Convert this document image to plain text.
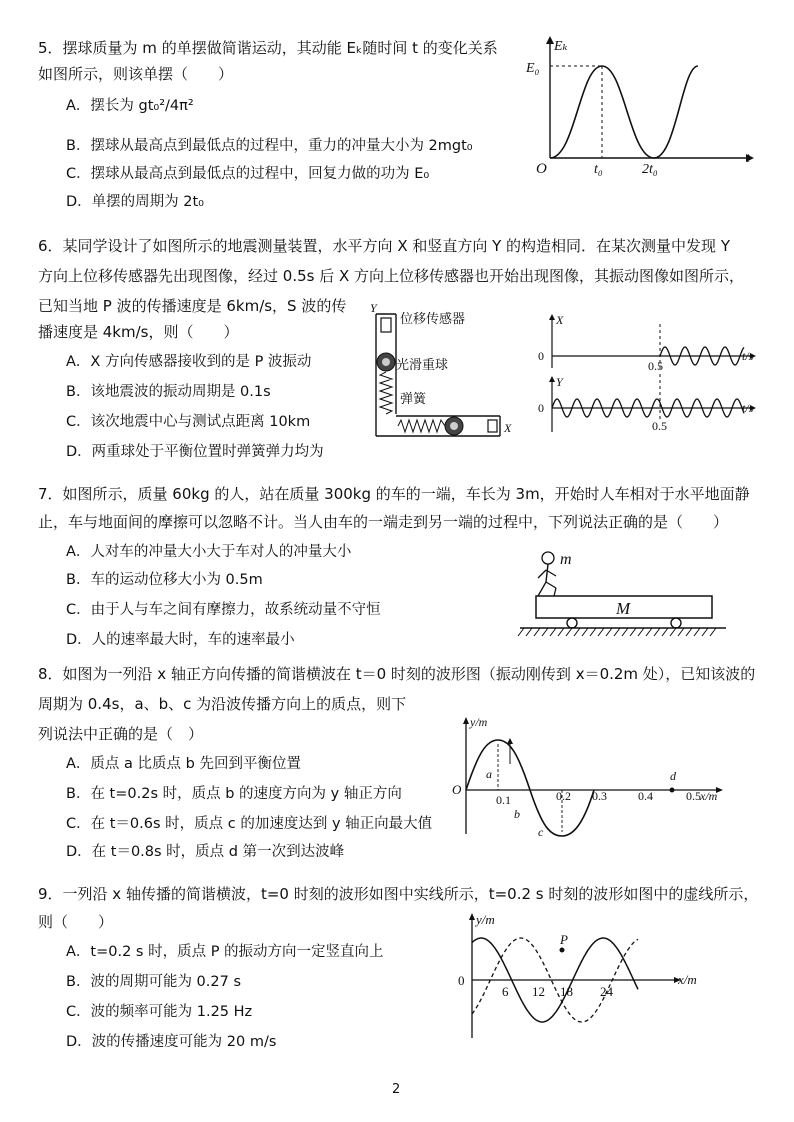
5．摆球质量为 m 的单摆做简谐运动，其动能 Eₖ随时间 t 的变化关系
如图所示，则该单摆（　　）
A．摆长为 gt₀²/4π²
B．摆球从最高点到最低点的过程中，重力的冲量大小为 2mgt₀
C．摆球从最高点到最低点的过程中，回复力做的功为 E₀
D．单摆的周期为 2t₀
Eₖ
E₀
O	t₀	2t₀
t
6．某同学设计了如图所示的地震测量装置，水平方向 X 和竖直方向 Y 的构造相同．在某次测量中发现 Y
方向上位移传感器先出现图像，经过 0.5s 后 X 方向上位移传感器也开始出现图像，其振动图像如图所示，
已知当地 P 波的传播速度是 6km/s，S 波的传
播速度是 4km/s，则（　　）
A．X 方向传感器接收到的是 P 波振动
B．该地震波的振动周期是 0.1s
C．该次地震中心与测试点距离 10km
D．两重球处于平衡位置时弹簧弹力均为
Y
X
位移传感器
光滑重球
弹簧
X
0
0.5
t/s
Y
0
0.5
t/s
7．如图所示，质量 60kg 的人，站在质量 300kg 的车的一端，车长为 3m，开始时人车相对于水平地面静
止，车与地面间的摩擦可以忽略不计。当人由车的一端走到另一端的过程中，下列说法正确的是（　　）
A．人对车的冲量大小大于车对人的冲量大小
B．车的运动位移大小为 0.5m
C．由于人与车之间有摩擦力，故系统动量不守恒
D．人的速率最大时，车的速率最小
m
M
8．如图为一列沿 x 轴正方向传播的简谐横波在 t＝0 时刻的波形图（振动刚传到 x＝0.2m 处），已知该波的
周期为 0.4s，a、b、c 为沿波传播方向上的质点，则下
列说法中正确的是（　）
A．质点 a 比质点 b 先回到平衡位置
B．在 t=0.2s 时，质点 b 的速度方向为 y 轴正方向
C．在 t＝0.6s 时，质点 c 的加速度达到 y 轴正向最大值
D．在 t＝0.8s 时，质点 d 第一次到达波峰
y/m
O
0.1	0.2 0.3	0.4	0.5 x/m
a
b
c
d
9．一列沿 x 轴传播的简谐横波，t=0 时刻的波形如图中实线所示，t=0.2 s 时刻的波形如图中的虚线所示，
则（　　）
A．t=0.2 s 时，质点 P 的振动方向一定竖直向上
B．波的周期可能为 0.27 s
C．波的频率可能为 1.25 Hz
D．波的传播速度可能为 20 m/s
y/m
0
6 12 18 24
x/m
P
2
